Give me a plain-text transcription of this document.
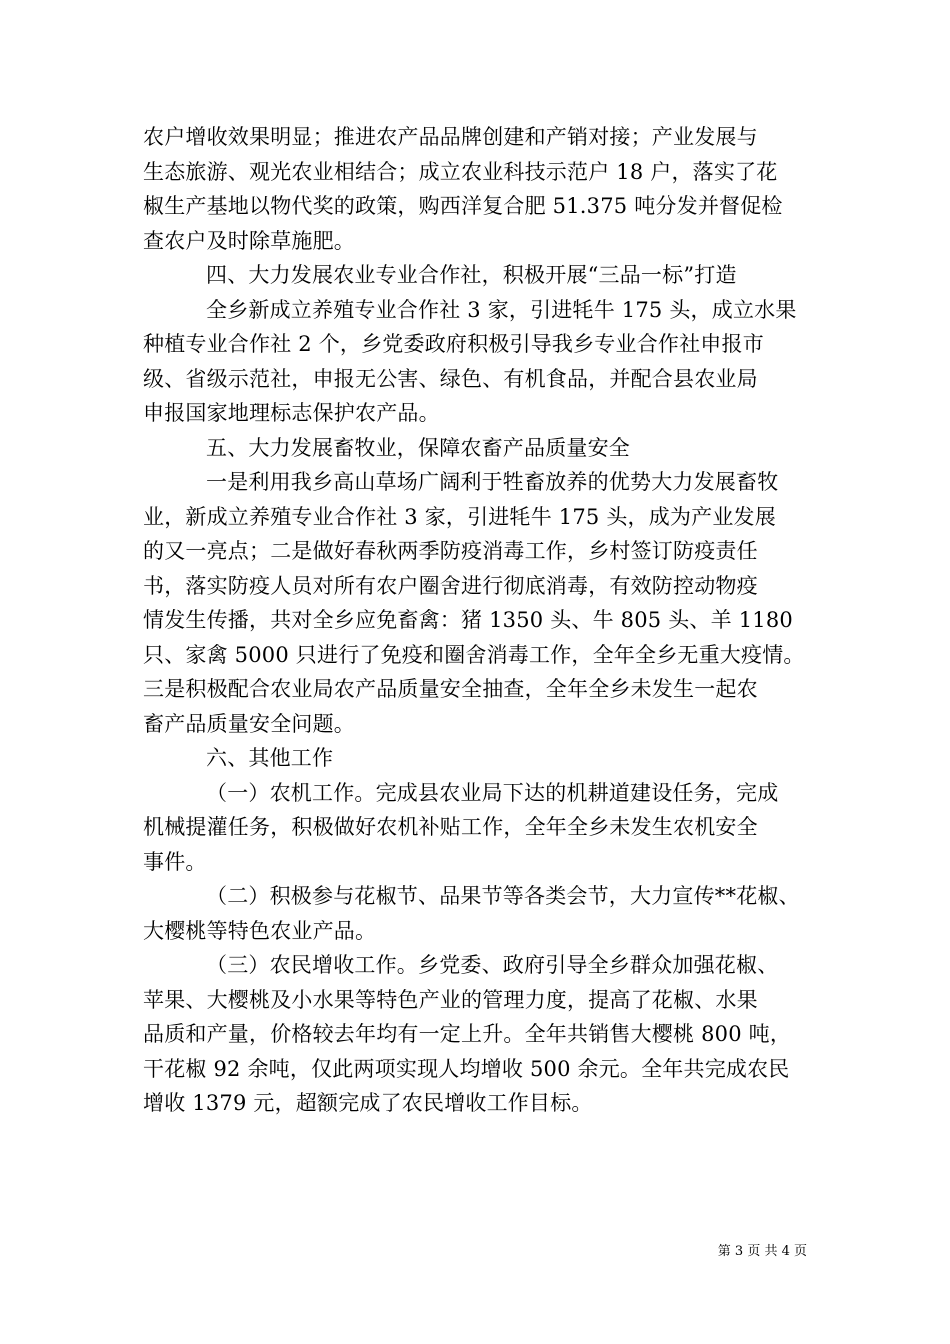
农户增收效果明显；推进农产品品牌创建和产销对接；产业发展与
生态旅游、观光农业相结合；成立农业科技示范户 18 户，落实了花
椒生产基地以物代奖的政策，购西洋复合肥 51.375 吨分发并督促检
查农户及时除草施肥。

四、大力发展农业专业合作社，积极开展“三品一标”打造

全乡新成立养殖专业合作社 3 家，引进牦牛 175 头，成立水果
种植专业合作社 2 个，乡党委政府积极引导我乡专业合作社申报市
级、省级示范社，申报无公害、绿色、有机食品，并配合县农业局
申报国家地理标志保护农产品。

五、大力发展畜牧业，保障农畜产品质量安全

一是利用我乡高山草场广阔利于牲畜放养的优势大力发展畜牧
业，新成立养殖专业合作社 3 家，引进牦牛 175 头，成为产业发展
的又一亮点；二是做好春秋两季防疫消毒工作，乡村签订防疫责任
书，落实防疫人员对所有农户圈舍进行彻底消毒，有效防控动物疫
情发生传播，共对全乡应免畜禽：猪 1350 头、牛 805 头、羊 1180
只、家禽 5000 只进行了免疫和圈舍消毒工作，全年全乡无重大疫情。
三是积极配合农业局农产品质量安全抽查，全年全乡未发生一起农
畜产品质量安全问题。

六、其他工作

（一）农机工作。完成县农业局下达的机耕道建设任务，完成
机械提灌任务，积极做好农机补贴工作，全年全乡未发生农机安全
事件。

（二）积极参与花椒节、品果节等各类会节，大力宣传**花椒、
大樱桃等特色农业产品。

（三）农民增收工作。乡党委、政府引导全乡群众加强花椒、
苹果、大樱桃及小水果等特色产业的管理力度，提高了花椒、水果
品质和产量，价格较去年均有一定上升。全年共销售大樱桃 800 吨，
干花椒 92 余吨，仅此两项实现人均增收 500 余元。全年共完成农民
增收 1379 元，超额完成了农民增收工作目标。

第 3 页 共 4 页
